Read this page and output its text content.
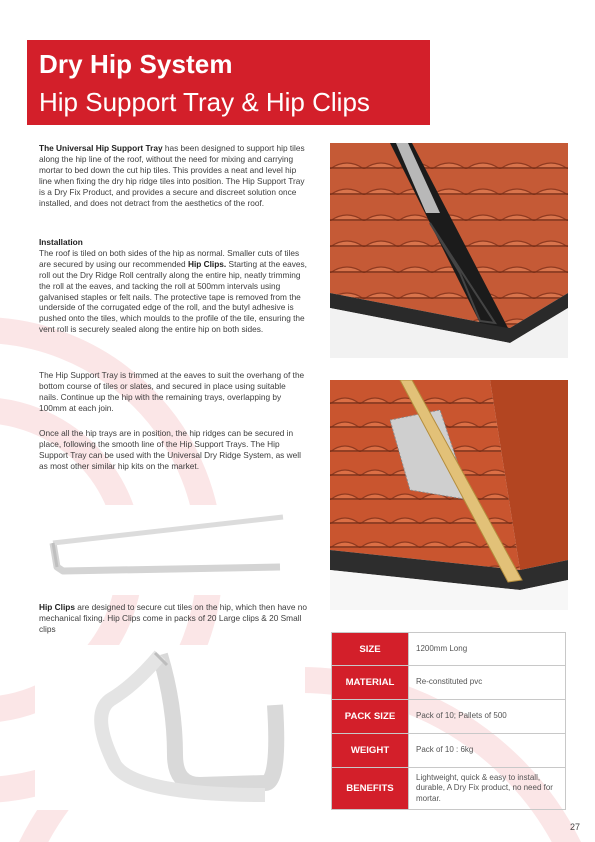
Dry Hip System
Hip Support Tray & Hip Clips
The Universal Hip Support Tray has been designed to support hip tiles along the hip line of the roof, without the need for mixing and carrying mortar to bed down the cut hip tiles. This provides a neat and level hip line when fixing the dry hip ridge tiles into position. The Hip Support Tray is a Dry Fix Product, and provides a secure and discreet solution once installed, and does not detract from the aesthetics of the roof.
Installation
The roof is tiled on both sides of the hip as normal. Smaller cuts of tiles are secured by using our recommended Hip Clips. Starting at the eaves, roll out the Dry Ridge Roll centrally along the entire hip, neatly trimming the roll at the eaves, and tacking the roll at 500mm intervals using galvanised staples or felt nails. The protective tape is removed from the underside of the corrugated edge of the roll, and the butyl adhesive is pushed onto the tiles, which moulds to the profile of the tile, ensuring the vent roll is securely sealed along the entire hip on both sides.
The Hip Support Tray is trimmed at the eaves to suit the overhang of the bottom course of tiles or slates, and secured in place using suitable nails. Continue up the hip with the remaining trays, overlapping by 100mm at each join.
Once all the hip trays are in position, the hip ridges can be secured in place, following the smooth line of the Hip Support Trays. The Hip Support Tray can be used with the Universal Dry Ridge System, as well as most other similar hip kits on the market.
Hip Clips are designed to secure cut tiles on the hip, which then have no mechanical fixing. Hip Clips come in packs of 20 Large clips & 20 Small clips
SIZE	1200mm Long
MATERIAL	Re-constituted pvc
PACK SIZE	Pack of 10; Pallets of 500
WEIGHT	Pack of 10 : 6kg
BENEFITS	Lightweight, quick & easy to install, durable, A Dry Fix product, no need for mortar.
27
